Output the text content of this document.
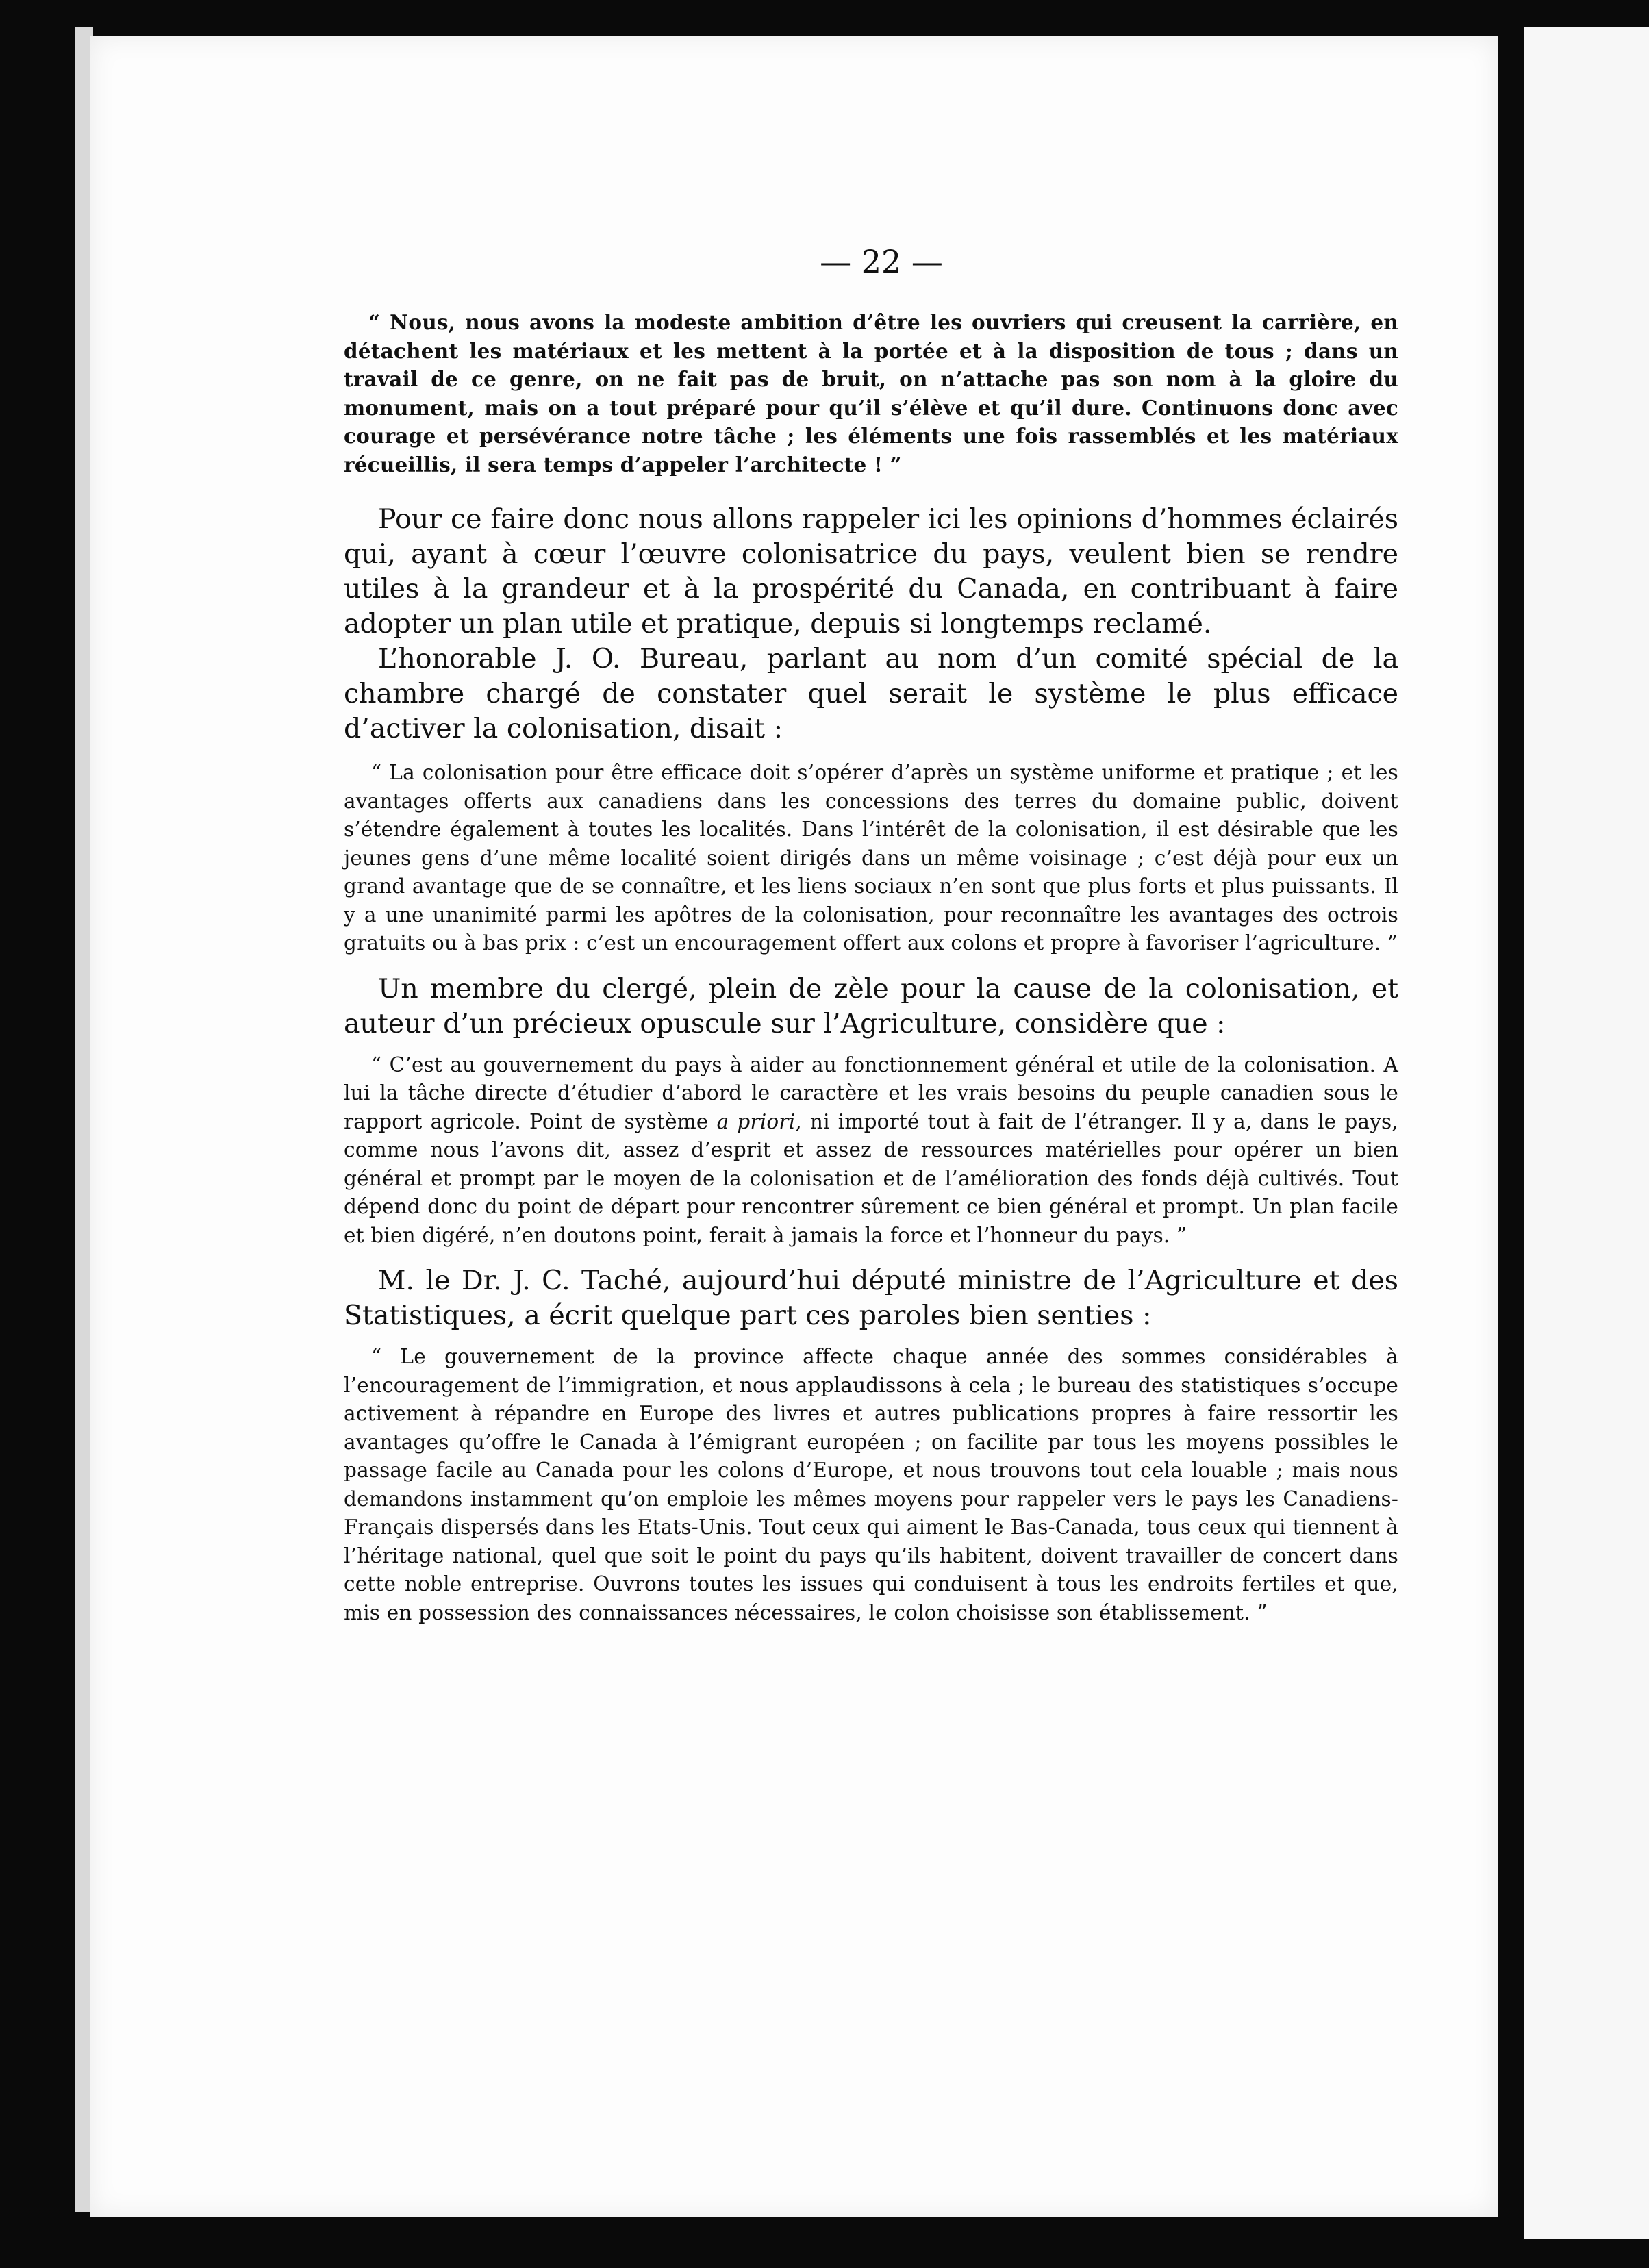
— 22 —

“ Nous, nous avons la modeste ambition d’être les ouvriers qui creusent la carrière, en détachent les matériaux et les mettent à la portée et à la disposition de tous ; dans un travail de ce genre, on ne fait pas de bruit, on n’attache pas son nom à la gloire du monument, mais on a tout préparé pour qu’il s’élève et qu’il dure. Continuons donc avec courage et persévérance notre tâche ; les éléments une fois rassemblés et les matériaux récueillis, il sera temps d’appeler l’architecte ! ”

Pour ce faire donc nous allons rappeler ici les opinions d’hommes éclairés qui, ayant à cœur l’œuvre colonisatrice du pays, veulent bien se rendre utiles à la grandeur et à la prospérité du Canada, en contribuant à faire adopter un plan utile et pratique, depuis si longtemps reclamé.

L’honorable J. O. Bureau, parlant au nom d’un comité spécial de la chambre chargé de constater quel serait le système le plus efficace d’activer la colonisation, disait :

“ La colonisation pour être efficace doit s’opérer d’après un système uniforme et pratique ; et les avantages offerts aux canadiens dans les concessions des terres du domaine public, doivent s’étendre également à toutes les localités. Dans l’intérêt de la colonisation, il est désirable que les jeunes gens d’une même localité soient dirigés dans un même voisinage ; c’est déjà pour eux un grand avantage que de se connaître, et les liens sociaux n’en sont que plus forts et plus puissants. Il y a une unanimité parmi les apôtres de la colonisation, pour reconnaître les avantages des octrois gratuits ou à bas prix : c’est un encouragement offert aux colons et propre à favoriser l’agriculture. ”

Un membre du clergé, plein de zèle pour la cause de la colonisation, et auteur d’un précieux opuscule sur l’Agriculture, considère que :

“ C’est au gouvernement du pays à aider au fonctionnement général et utile de la colonisation. A lui la tâche directe d’étudier d’abord le caractère et les vrais besoins du peuple canadien sous le rapport agricole. Point de système a priori, ni importé tout à fait de l’étranger. Il y a, dans le pays, comme nous l’avons dit, assez d’esprit et assez de ressources matérielles pour opérer un bien général et prompt par le moyen de la colonisation et de l’amélioration des fonds déjà cultivés. Tout dépend donc du point de départ pour rencontrer sûrement ce bien général et prompt. Un plan facile et bien digéré, n’en doutons point, ferait à jamais la force et l’honneur du pays. ”

M. le Dr. J. C. Taché, aujourd’hui député ministre de l’Agriculture et des Statistiques, a écrit quelque part ces paroles bien senties :

“ Le gouvernement de la province affecte chaque année des sommes considérables à l’encouragement de l’immigration, et nous applaudissons à cela ; le bureau des statistiques s’occupe activement à répandre en Europe des livres et autres publications propres à faire ressortir les avantages qu’offre le Canada à l’émigrant européen ; on facilite par tous les moyens possibles le passage facile au Canada pour les colons d’Europe, et nous trouvons tout cela louable ; mais nous demandons instamment qu’on emploie les mêmes moyens pour rappeler vers le pays les Canadiens-Français dispersés dans les Etats-Unis. Tout ceux qui aiment le Bas-Canada, tous ceux qui tiennent à l’héritage national, quel que soit le point du pays qu’ils habitent, doivent travailler de concert dans cette noble entreprise. Ouvrons toutes les issues qui conduisent à tous les endroits fertiles et que, mis en possession des connaissances nécessaires, le colon choisisse son établissement. ”
